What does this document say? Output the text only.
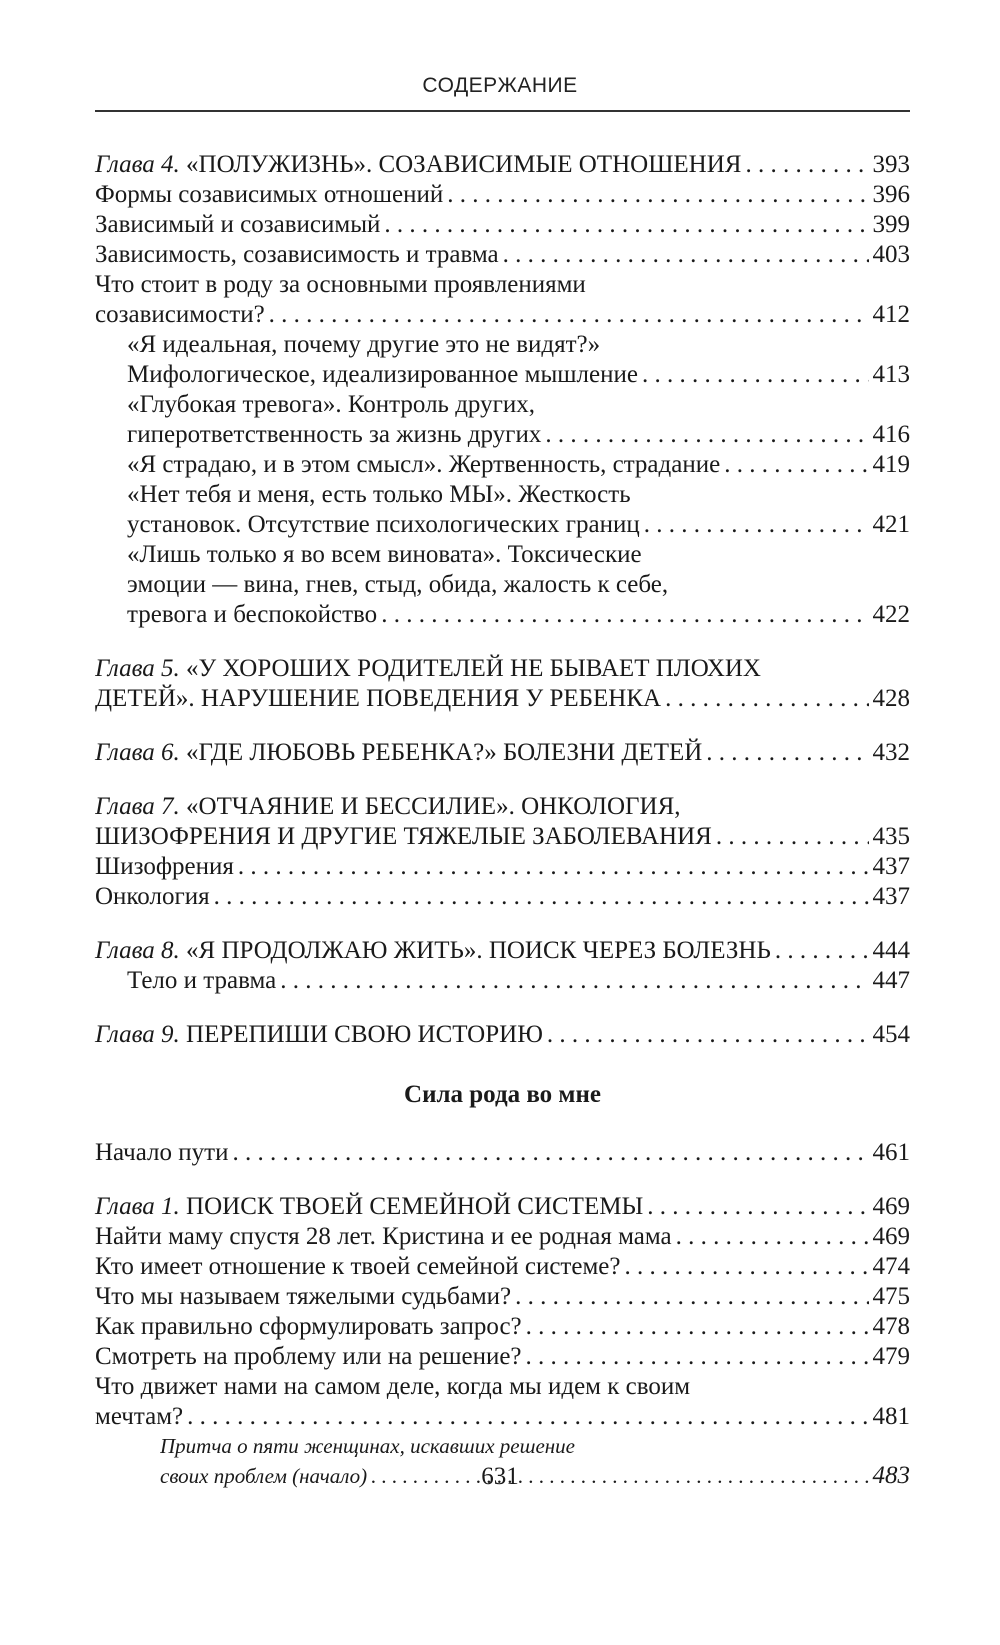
СОДЕРЖАНИЕ
Глава 4. «ПОЛУЖИЗНЬ». СОЗАВИСИМЫЕ ОТНОШЕНИЯ . . .	393
Формы созависимых отношений . . .	396
Зависимый и созависимый . . .	399
Зависимость, созависимость и травма . . .	403
Что стоит в роду за основными проявлениями
созависимости? . . .	412
«Я идеальная, почему другие это не видят?»
Мифологическое, идеализированное мышление . . .	413
«Глубокая тревога». Контроль других,
гиперответственность за жизнь других . . .	416
«Я страдаю, и в этом смысл». Жертвенность, страдание . . .	419
«Нет тебя и меня, есть только МЫ». Жесткость
установок. Отсутствие психологических границ . . .	421
«Лишь только я во всем виновата». Токсические
эмоции — вина, гнев, стыд, обида, жалость к себе,
тревога и беспокойство . . .	422
Глава 5. «У ХОРОШИХ РОДИТЕЛЕЙ НЕ БЫВАЕТ ПЛОХИХ
ДЕТЕЙ». НАРУШЕНИЕ ПОВЕДЕНИЯ У РЕБЕНКА . . .	428
Глава 6. «ГДЕ ЛЮБОВЬ РЕБЕНКА?» БОЛЕЗНИ ДЕТЕЙ . . .	432
Глава 7. «ОТЧАЯНИЕ И БЕССИЛИЕ». ОНКОЛОГИЯ,
ШИЗОФРЕНИЯ И ДРУГИЕ ТЯЖЕЛЫЕ ЗАБОЛЕВАНИЯ . . .	435
Шизофрения . . .	437
Онкология . . .	437
Глава 8. «Я ПРОДОЛЖАЮ ЖИТЬ». ПОИСК ЧЕРЕЗ БОЛЕЗНЬ . . .	444
Тело и травма . . .	447
Глава 9. ПЕРЕПИШИ СВОЮ ИСТОРИЮ . . .	454
Сила рода во мне
Начало пути . . .	461
Глава 1. ПОИСК ТВОЕЙ СЕМЕЙНОЙ СИСТЕМЫ . . .	469
Найти маму спустя 28 лет. Кристина и ее родная мама . . .	469
Кто имеет отношение к твоей семейной системе? . . .	474
Что мы называем тяжелыми судьбами? . . .	475
Как правильно сформулировать запрос? . . .	478
Смотреть на проблему или на решение? . . .	479
Что движет нами на самом деле, когда мы идем к своим
мечтам? . . .	481
Притча о пяти женщинах, искавших решение
своих проблем (начало) . . .	483
631
